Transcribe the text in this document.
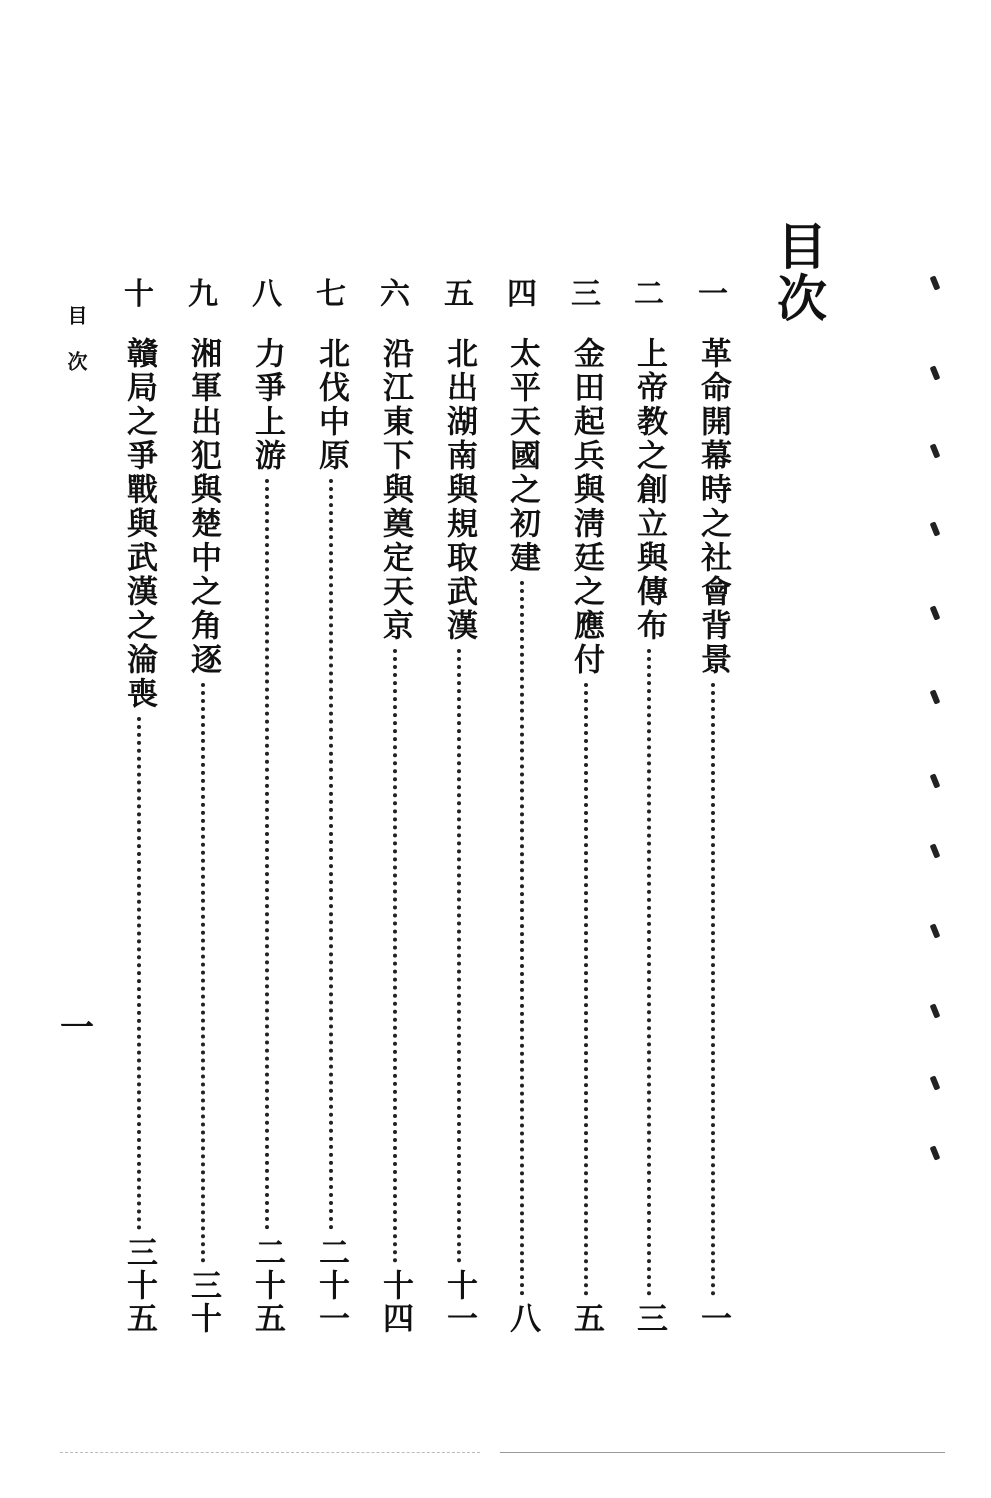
目次
一
革命開幕時之社會背景
一
二
上帝教之創立與傳布
三
三
金田起兵與淸廷之應付
五
四
太平天國之初建
八
五
北出湖南與規取武漢
十一
六
沿江東下與奠定天京
十四
七
北伐中原
二十一
八
力爭上游
二十五
九
湘軍出犯與楚中之角逐
三十
十
贛局之爭戰與武漢之淪喪
三十五
目次
一
